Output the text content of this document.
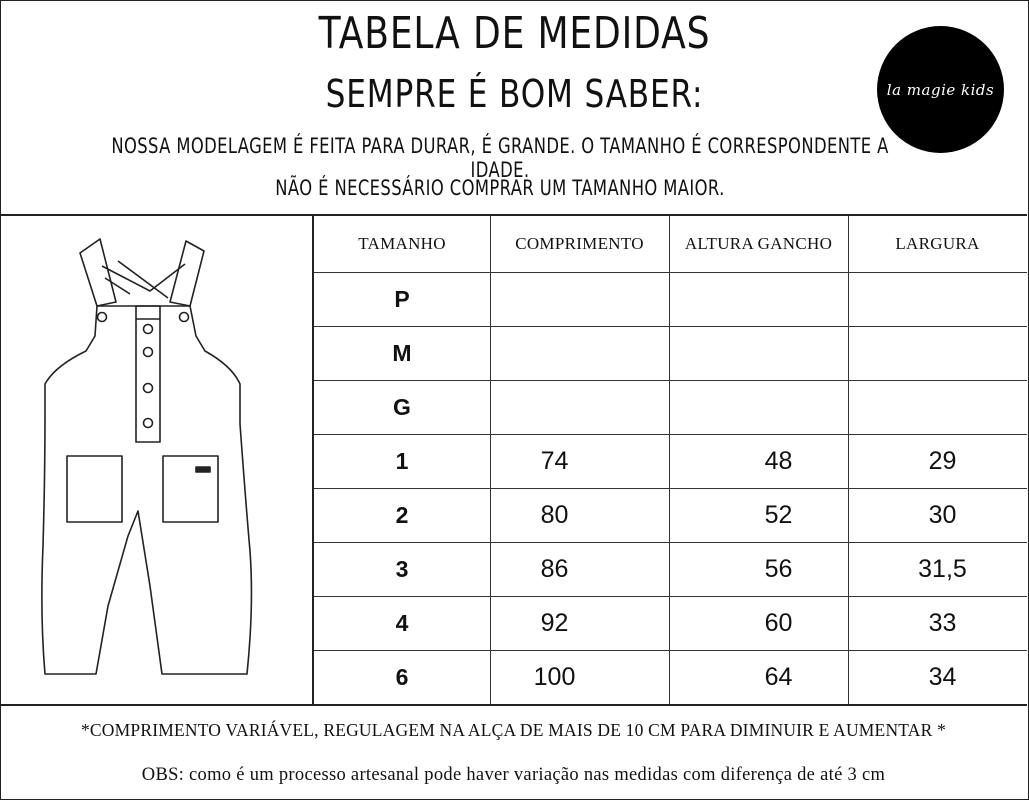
TABELA DE MEDIDAS
SEMPRE É BOM SABER:
NOSSA MODELAGEM É FEITA PARA DURAR, É GRANDE. O TAMANHO É CORRESPONDENTE A IDADE.
NÃO É NECESSÁRIO COMPRAR UM TAMANHO MAIOR.
la magie kids
TAMANHO	COMPRIMENTO	ALTURA GANCHO	LARGURA
P
M
G
1	74	48	29
2	80	52	30
3	86	56	31,5
4	92	60	33
6	100	64	34
*COMPRIMENTO VARIÁVEL, REGULAGEM NA ALÇA DE MAIS DE 10 CM PARA DIMINUIR E AUMENTAR *
OBS: como é um processo artesanal pode haver variação nas medidas com diferença de até 3 cm
